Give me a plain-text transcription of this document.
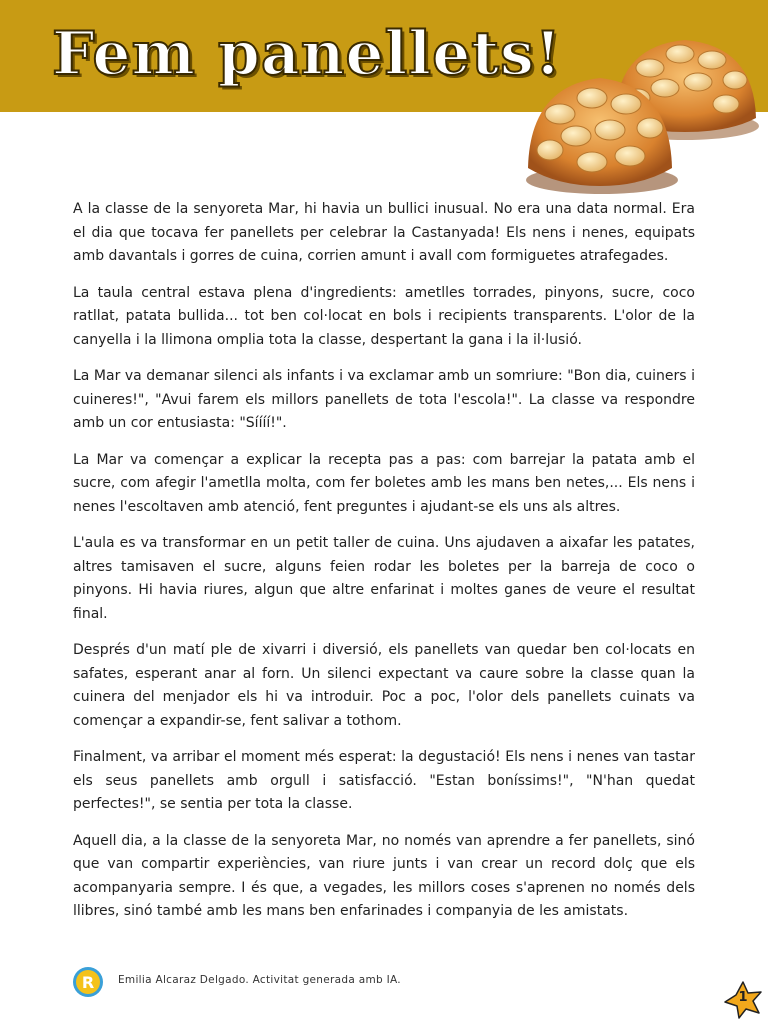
Fem panellets!

A la classe de la senyoreta Mar, hi havia un bullici inusual. No era una data normal. Era el dia que tocava fer panellets per celebrar la Castanyada! Els nens i nenes, equipats amb davantals i gorres de cuina, corrien amunt i avall com formiguetes atrafegades.

La taula central estava plena d'ingredients: ametlles torrades, pinyons, sucre, coco ratllat, patata bullida... tot ben col·locat en bols i recipients transparents. L'olor de la canyella i la llimona omplia tota la classe, despertant la gana i la il·lusió.

La Mar va demanar silenci als infants i va exclamar amb un somriure: "Bon dia, cuiners i cuineres!", "Avui farem els millors panellets de tota l'escola!". La classe va respondre amb un cor entusiasta: "Síííí!".

La Mar va començar a explicar la recepta pas a pas: com barrejar la patata amb el sucre, com afegir l'ametlla molta, com fer boletes amb les mans ben netes,... Els nens i nenes l'escoltaven amb atenció, fent preguntes i ajudant-se els uns als altres.

L'aula es va transformar en un petit taller de cuina. Uns ajudaven a aixafar les patates, altres tamisaven el sucre, alguns feien rodar les boletes per la barreja de coco o pinyons. Hi havia riures, algun que altre enfarinat i moltes ganes de veure el resultat final.

Després d'un matí ple de xivarri i diversió, els panellets van quedar ben col·locats en safates, esperant anar al forn. Un silenci expectant va caure sobre la classe quan la cuinera del menjador els hi va introduir. Poc a poc, l'olor dels panellets cuinats va començar a expandir-se, fent salivar a tothom.

Finalment, va arribar el moment més esperat: la degustació! Els nens i nenes van tastar els seus panellets amb orgull i satisfacció. "Estan boníssims!", "N'han quedat perfectes!", se sentia per tota la classe.

Aquell dia, a la classe de la senyoreta Mar, no només van aprendre a fer panellets, sinó que van compartir experiències, van riure junts i van crear un record dolç que els acompanyaria sempre. I és que, a vegades, les millors coses s'aprenen no només dels llibres, sinó també amb les mans ben enfarinades i companyia de les amistats.

R Emilia Alcaraz Delgado. Activitat generada amb IA.
1
